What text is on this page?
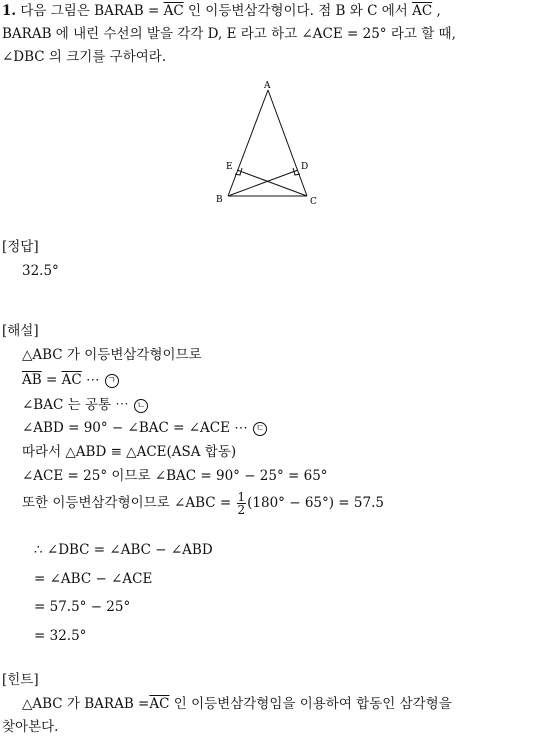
1. 다음 그림은 BARAB = $\overline{AC}$ 인 이등변삼각형이다. 점 B 와 C 에서 $\overline{AC}$ ,
BARAB 에 내린 수선의 발을 각각 D, E 라고 하고 ∠ACE = 25° 라고 할 때,
∠DBC 의 크기를 구하여라.
A
B	C
D
E
[정답]
32.5°
[해설]
△ABC 가 이등변삼각형이므로
$\overline{AB} = \overline{AC}$ ⋯ ㄱ
∠BAC 는 공통 ⋯ ㄴ
∠ABD = 90° − ∠BAC = ∠ACE ⋯ ㄷ
따라서 △ABD ≡ △ACE(ASA 합동)
∠ACE = 25° 이므로 ∠BAC = 90° − 25° = 65°
또한 이등변삼각형이므로 ∠ABC = $\frac{1}{2} (180^\circ - 65^\circ) = 57.5$
∴ ∠DBC = ∠ABC − ∠ABD
= ∠ABC − ∠ACE
= 57.5° − 25°
= 32.5°
[힌트]
△ABC 가 BARAB $=\overline{AC}$ 인 이등변삼각형임을 이용하여 합동인 삼각형을
찾아본다.
